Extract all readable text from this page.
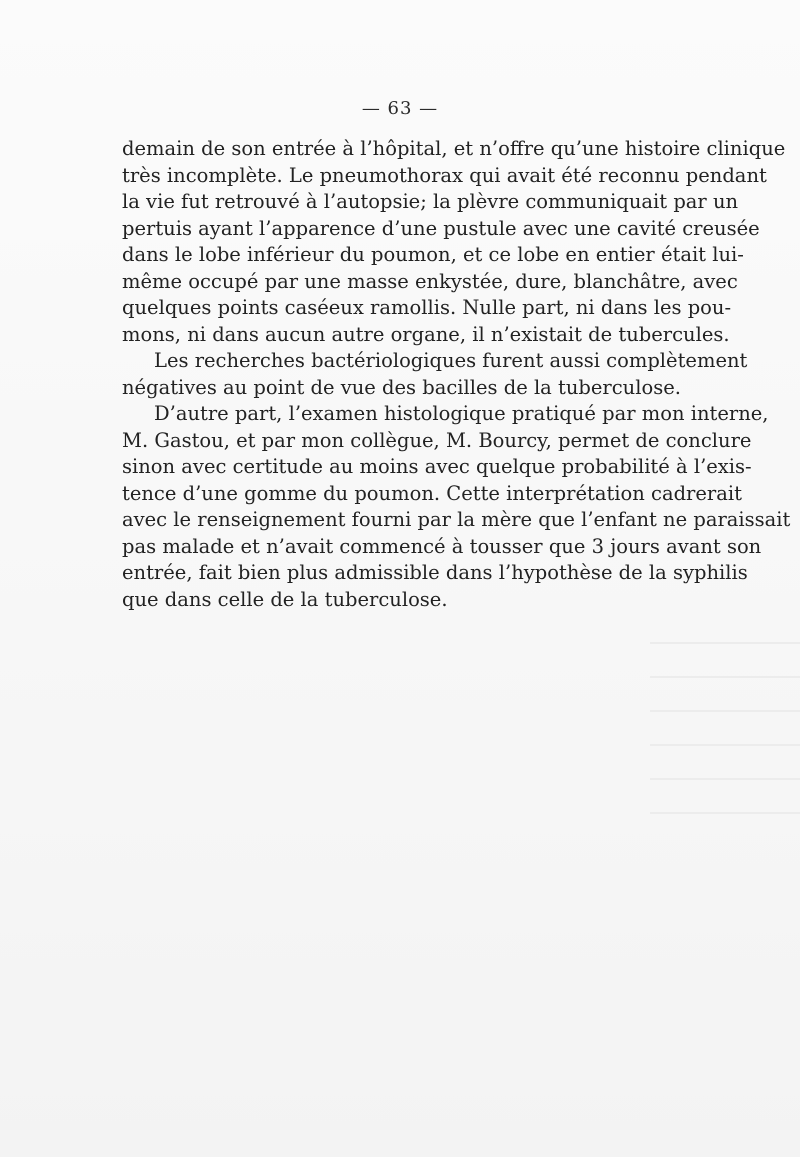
— 63 —
demain de son entrée à l’hôpital, et n’offre qu’une histoire clinique
très incomplète. Le pneumothorax qui avait été reconnu pendant
la vie fut retrouvé à l’autopsie; la plèvre communiquait par un
pertuis ayant l’apparence d’une pustule avec une cavité creusée
dans le lobe inférieur du poumon, et ce lobe en entier était lui-
même occupé par une masse enkystée, dure, blanchâtre, avec
quelques points caséeux ramollis. Nulle part, ni dans les pou-
mons, ni dans aucun autre organe, il n’existait de tubercules.
Les recherches bactériologiques furent aussi complètement
négatives au point de vue des bacilles de la tuberculose.
D’autre part, l’examen histologique pratiqué par mon interne,
M. Gastou, et par mon collègue, M. Bourcy, permet de conclure
sinon avec certitude au moins avec quelque probabilité à l’exis-
tence d’une gomme du poumon. Cette interprétation cadrerait
avec le renseignement fourni par la mère que l’enfant ne paraissait
pas malade et n’avait commencé à tousser que 3 jours avant son
entrée, fait bien plus admissible dans l’hypothèse de la syphilis
que dans celle de la tuberculose.
